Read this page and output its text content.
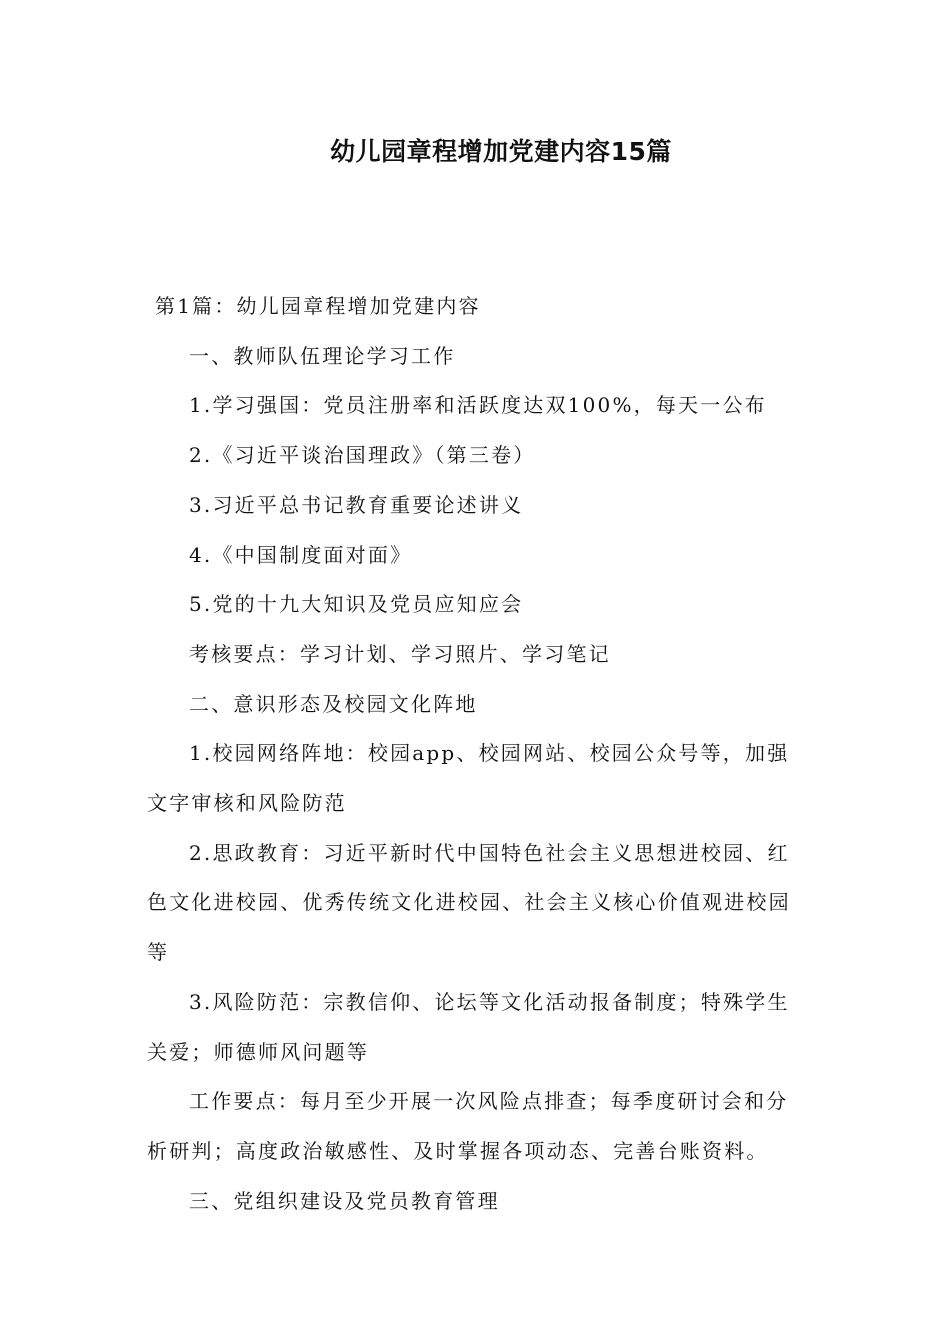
幼儿园章程增加党建内容15篇

第1篇：幼儿园章程增加党建内容

一、教师队伍理论学习工作

1.学习强国：党员注册率和活跃度达双100%，每天一公布

2.《习近平谈治国理政》（第三卷）

3.习近平总书记教育重要论述讲义

4.《中国制度面对面》

5.党的十九大知识及党员应知应会

考核要点：学习计划、学习照片、学习笔记

二、意识形态及校园文化阵地

1.校园网络阵地：校园app、校园网站、校园公众号等，加强文字审核和风险防范

2.思政教育：习近平新时代中国特色社会主义思想进校园、红色文化进校园、优秀传统文化进校园、社会主义核心价值观进校园等

3.风险防范：宗教信仰、论坛等文化活动报备制度；特殊学生关爱；师德师风问题等

工作要点：每月至少开展一次风险点排查；每季度研讨会和分析研判；高度政治敏感性、及时掌握各项动态、完善台账资料。

三、党组织建设及党员教育管理
